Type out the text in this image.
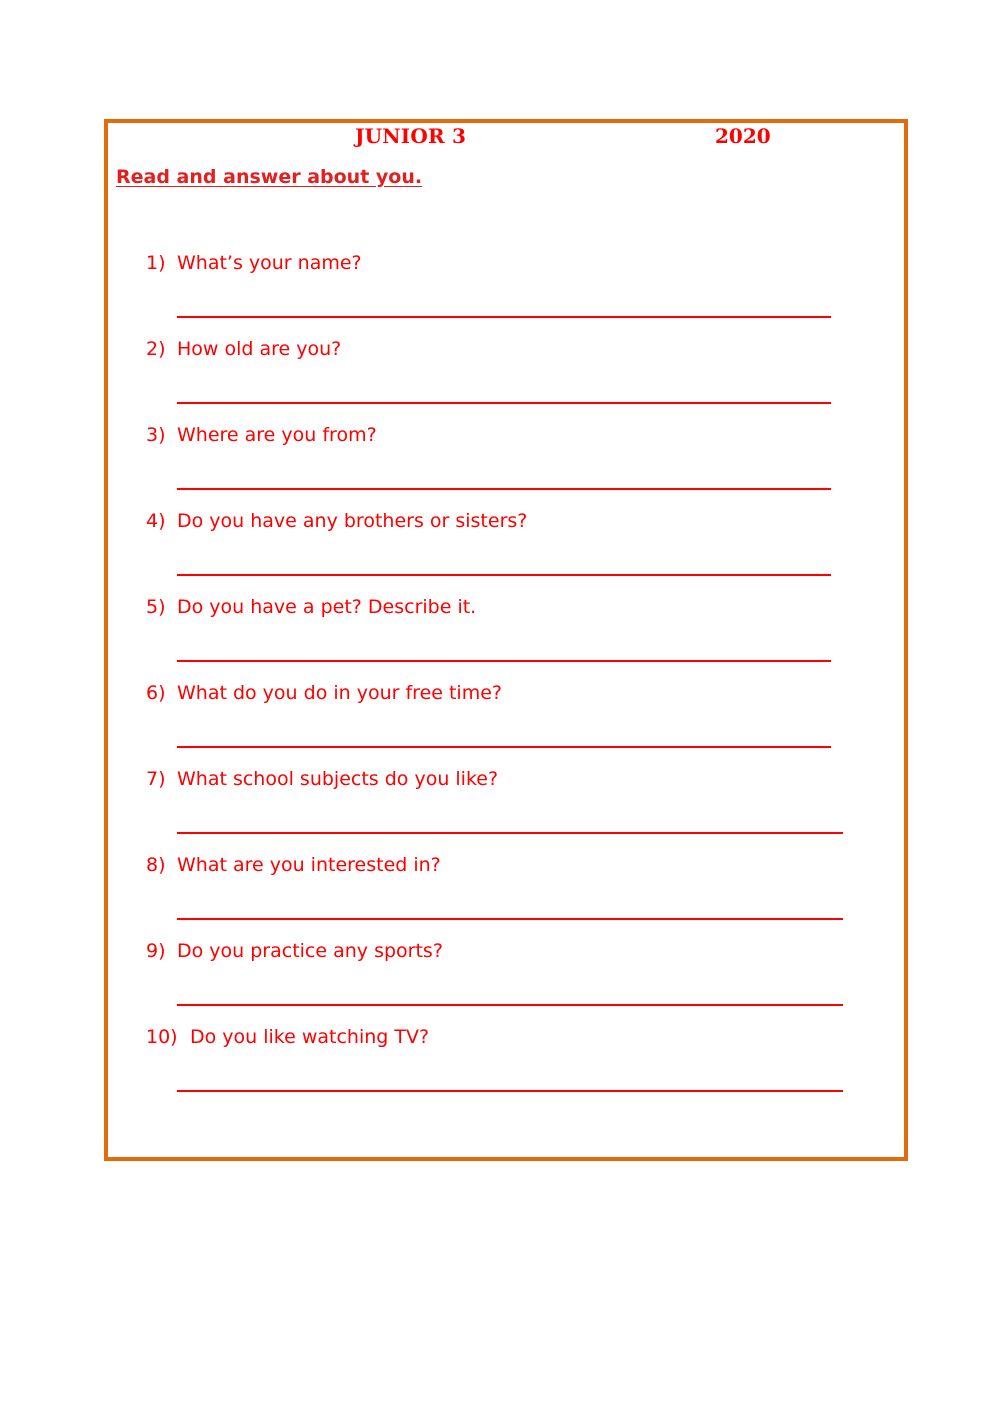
JUNIOR 3	2020
Read and answer about you.
1) What’s your name?
2) How old are you?
3) Where are you from?
4) Do you have any brothers or sisters?
5) Do you have a pet? Describe it.
6) What do you do in your free time?
7) What school subjects do you like?
8) What are you interested in?
9) Do you practice any sports?
10) Do you like watching TV?
